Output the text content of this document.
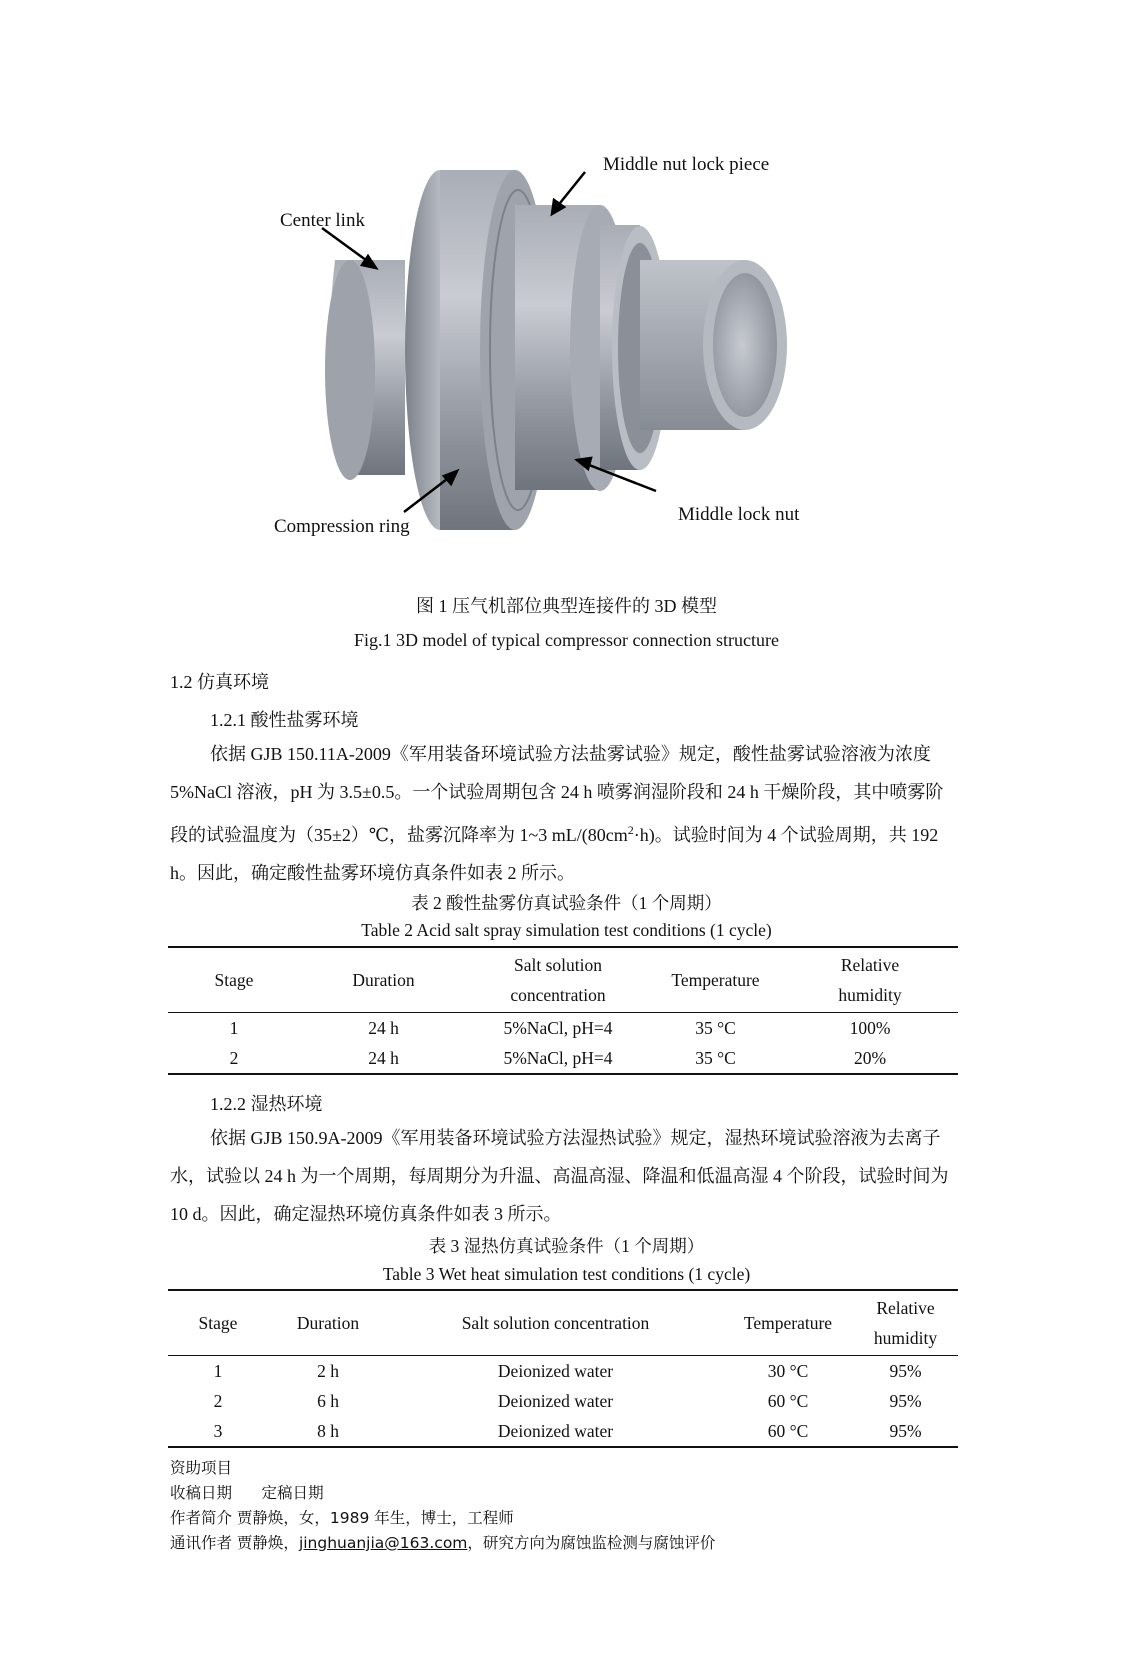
Middle nut lock piece
Center link
Compression ring
Middle lock nut
图 1 压气机部位典型连接件的 3D 模型
Fig.1 3D model of typical compressor connection structure
1.2 仿真环境
1.2.1 酸性盐雾环境
依据 GJB 150.11A-2009《军用装备环境试验方法盐雾试验》规定，酸性盐雾试验溶液为浓度 5%NaCl 溶液，pH 为 3.5±0.5。一个试验周期包含 24 h 喷雾润湿阶段和 24 h 干燥阶段，其中喷雾阶段的试验温度为（35±2）℃，盐雾沉降率为 1~3 $mL/(80cm^2\cdot h)$。试验时间为 4 个试验周期，共 192 h。因此，确定酸性盐雾环境仿真条件如表 2 所示。
表 2 酸性盐雾仿真试验条件（1 个周期）
Table 2 Acid salt spray simulation test conditions (1 cycle)
Stage	Duration	Salt solution concentration	Temperature	Relative humidity
1	24 h	5%NaCl, pH=4	35 °C	100%
2	24 h	5%NaCl, pH=4	35 °C	20%
1.2.2 湿热环境
依据 GJB 150.9A-2009《军用装备环境试验方法湿热试验》规定，湿热环境试验溶液为去离子水，试验以 24 h 为一个周期，每周期分为升温、高温高湿、降温和低温高湿 4 个阶段，试验时间为 10 d。因此，确定湿热环境仿真条件如表 3 所示。
表 3 湿热仿真试验条件（1 个周期）
Table 3 Wet heat simulation test conditions (1 cycle)
Stage	Duration	Salt solution concentration	Temperature	Relative humidity
1	2 h	Deionized water	30 °C	95%
2	6 h	Deionized water	60 °C	95%
3	8 h	Deionized water	60 °C	95%
资助项目
收稿日期      定稿日期
作者简介 贾静焕，女，1989 年生，博士，工程师
通讯作者 贾静焕，jinghuanjia@163.com，研究方向为腐蚀监检测与腐蚀评价
